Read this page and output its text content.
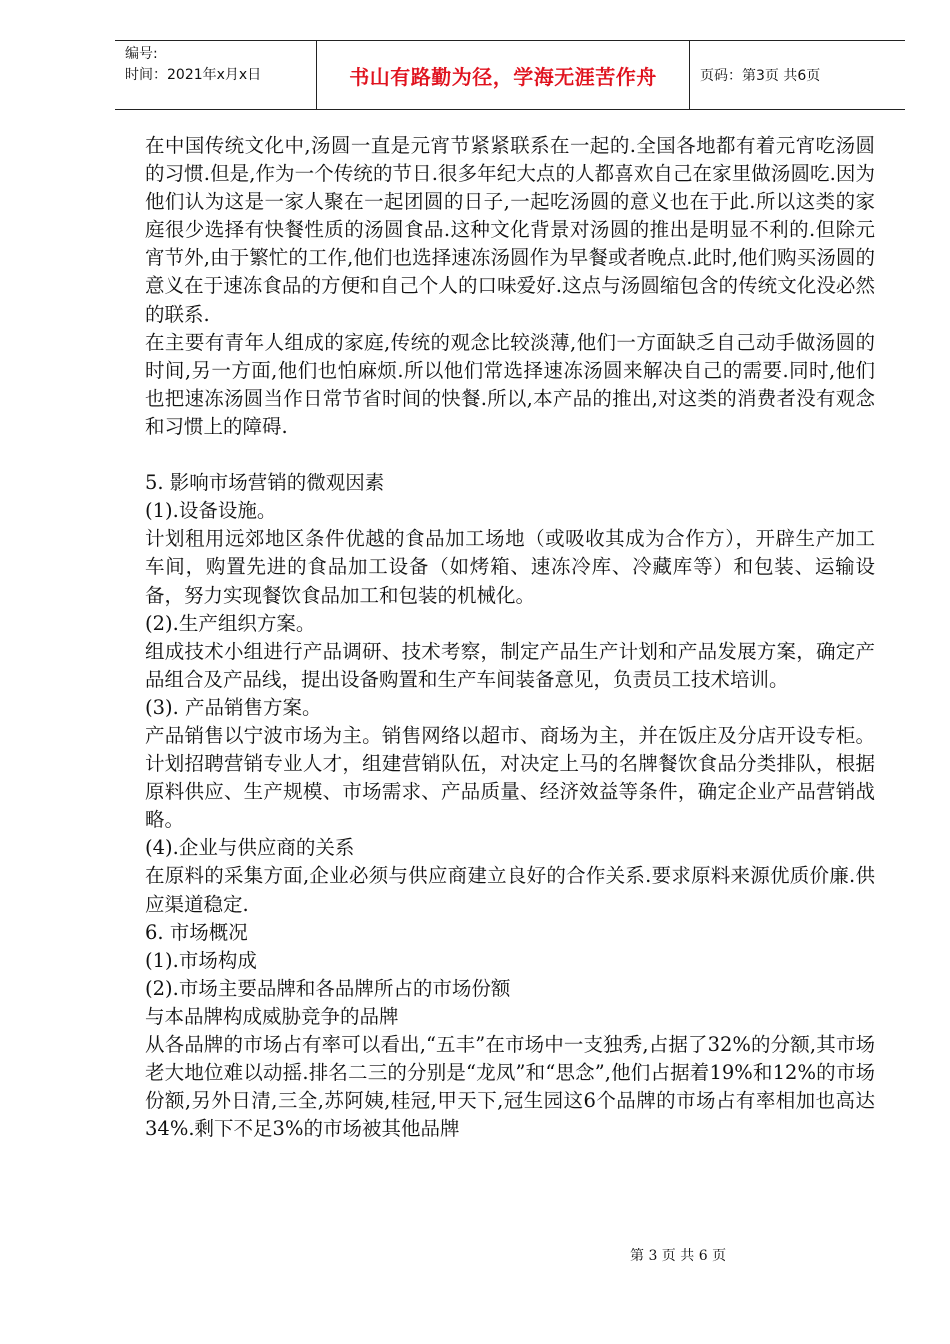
编号:
时间：2021年x月x日	书山有路勤为径，学海无涯苦作舟	页码：第3页 共6页

在中国传统文化中,汤圆一直是元宵节紧紧联系在一起的.全国各地都有着元宵吃汤圆的习惯.但是,作为一个传统的节日.很多年纪大点的人都喜欢自己在家里做汤圆吃.因为他们认为这是一家人聚在一起团圆的日子,一起吃汤圆的意义也在于此.所以这类的家庭很少选择有快餐性质的汤圆食品.这种文化背景对汤圆的推出是明显不利的.但除元宵节外,由于繁忙的工作,他们也选择速冻汤圆作为早餐或者晚点.此时,他们购买汤圆的意义在于速冻食品的方便和自己个人的口味爱好.这点与汤圆缩包含的传统文化没必然的联系.

在主要有青年人组成的家庭,传统的观念比较淡薄,他们一方面缺乏自己动手做汤圆的时间,另一方面,他们也怕麻烦.所以他们常选择速冻汤圆来解决自己的需要.同时,他们也把速冻汤圆当作日常节省时间的快餐.所以,本产品的推出,对这类的消费者没有观念和习惯上的障碍.

5. 影响市场营销的微观因素

(1).设备设施。

计划租用远郊地区条件优越的食品加工场地（或吸收其成为合作方），开辟生产加工车间，购置先进的食品加工设备（如烤箱、速冻冷库、冷藏库等）和包装、运输设备，努力实现餐饮食品加工和包装的机械化。

(2).生产组织方案。

组成技术小组进行产品调研、技术考察，制定产品生产计划和产品发展方案，确定产品组合及产品线，提出设备购置和生产车间装备意见，负责员工技术培训。

(3). 产品销售方案。

产品销售以宁波市场为主。销售网络以超市、商场为主，并在饭庄及分店开设专柜。计划招聘营销专业人才，组建营销队伍，对决定上马的名牌餐饮食品分类排队，根据原料供应、生产规模、市场需求、产品质量、经济效益等条件，确定企业产品营销战略。

(4).企业与供应商的关系

在原料的采集方面,企业必须与供应商建立良好的合作关系.要求原料来源优质价廉.供应渠道稳定.

6. 市场概况

(1).市场构成

(2).市场主要品牌和各品牌所占的市场份额

与本品牌构成威胁竞争的品牌

从各品牌的市场占有率可以看出,“五丰”在市场中一支独秀,占据了32%的分额,其市场老大地位难以动摇.排名二三的分别是“龙凤”和“思念”,他们占据着19%和12%的市场份额,另外日清,三全,苏阿姨,桂冠,甲天下,冠生园这6个品牌的市场占有率相加也高达34%.剩下不足3%的市场被其他品牌

第 3 页 共 6 页
